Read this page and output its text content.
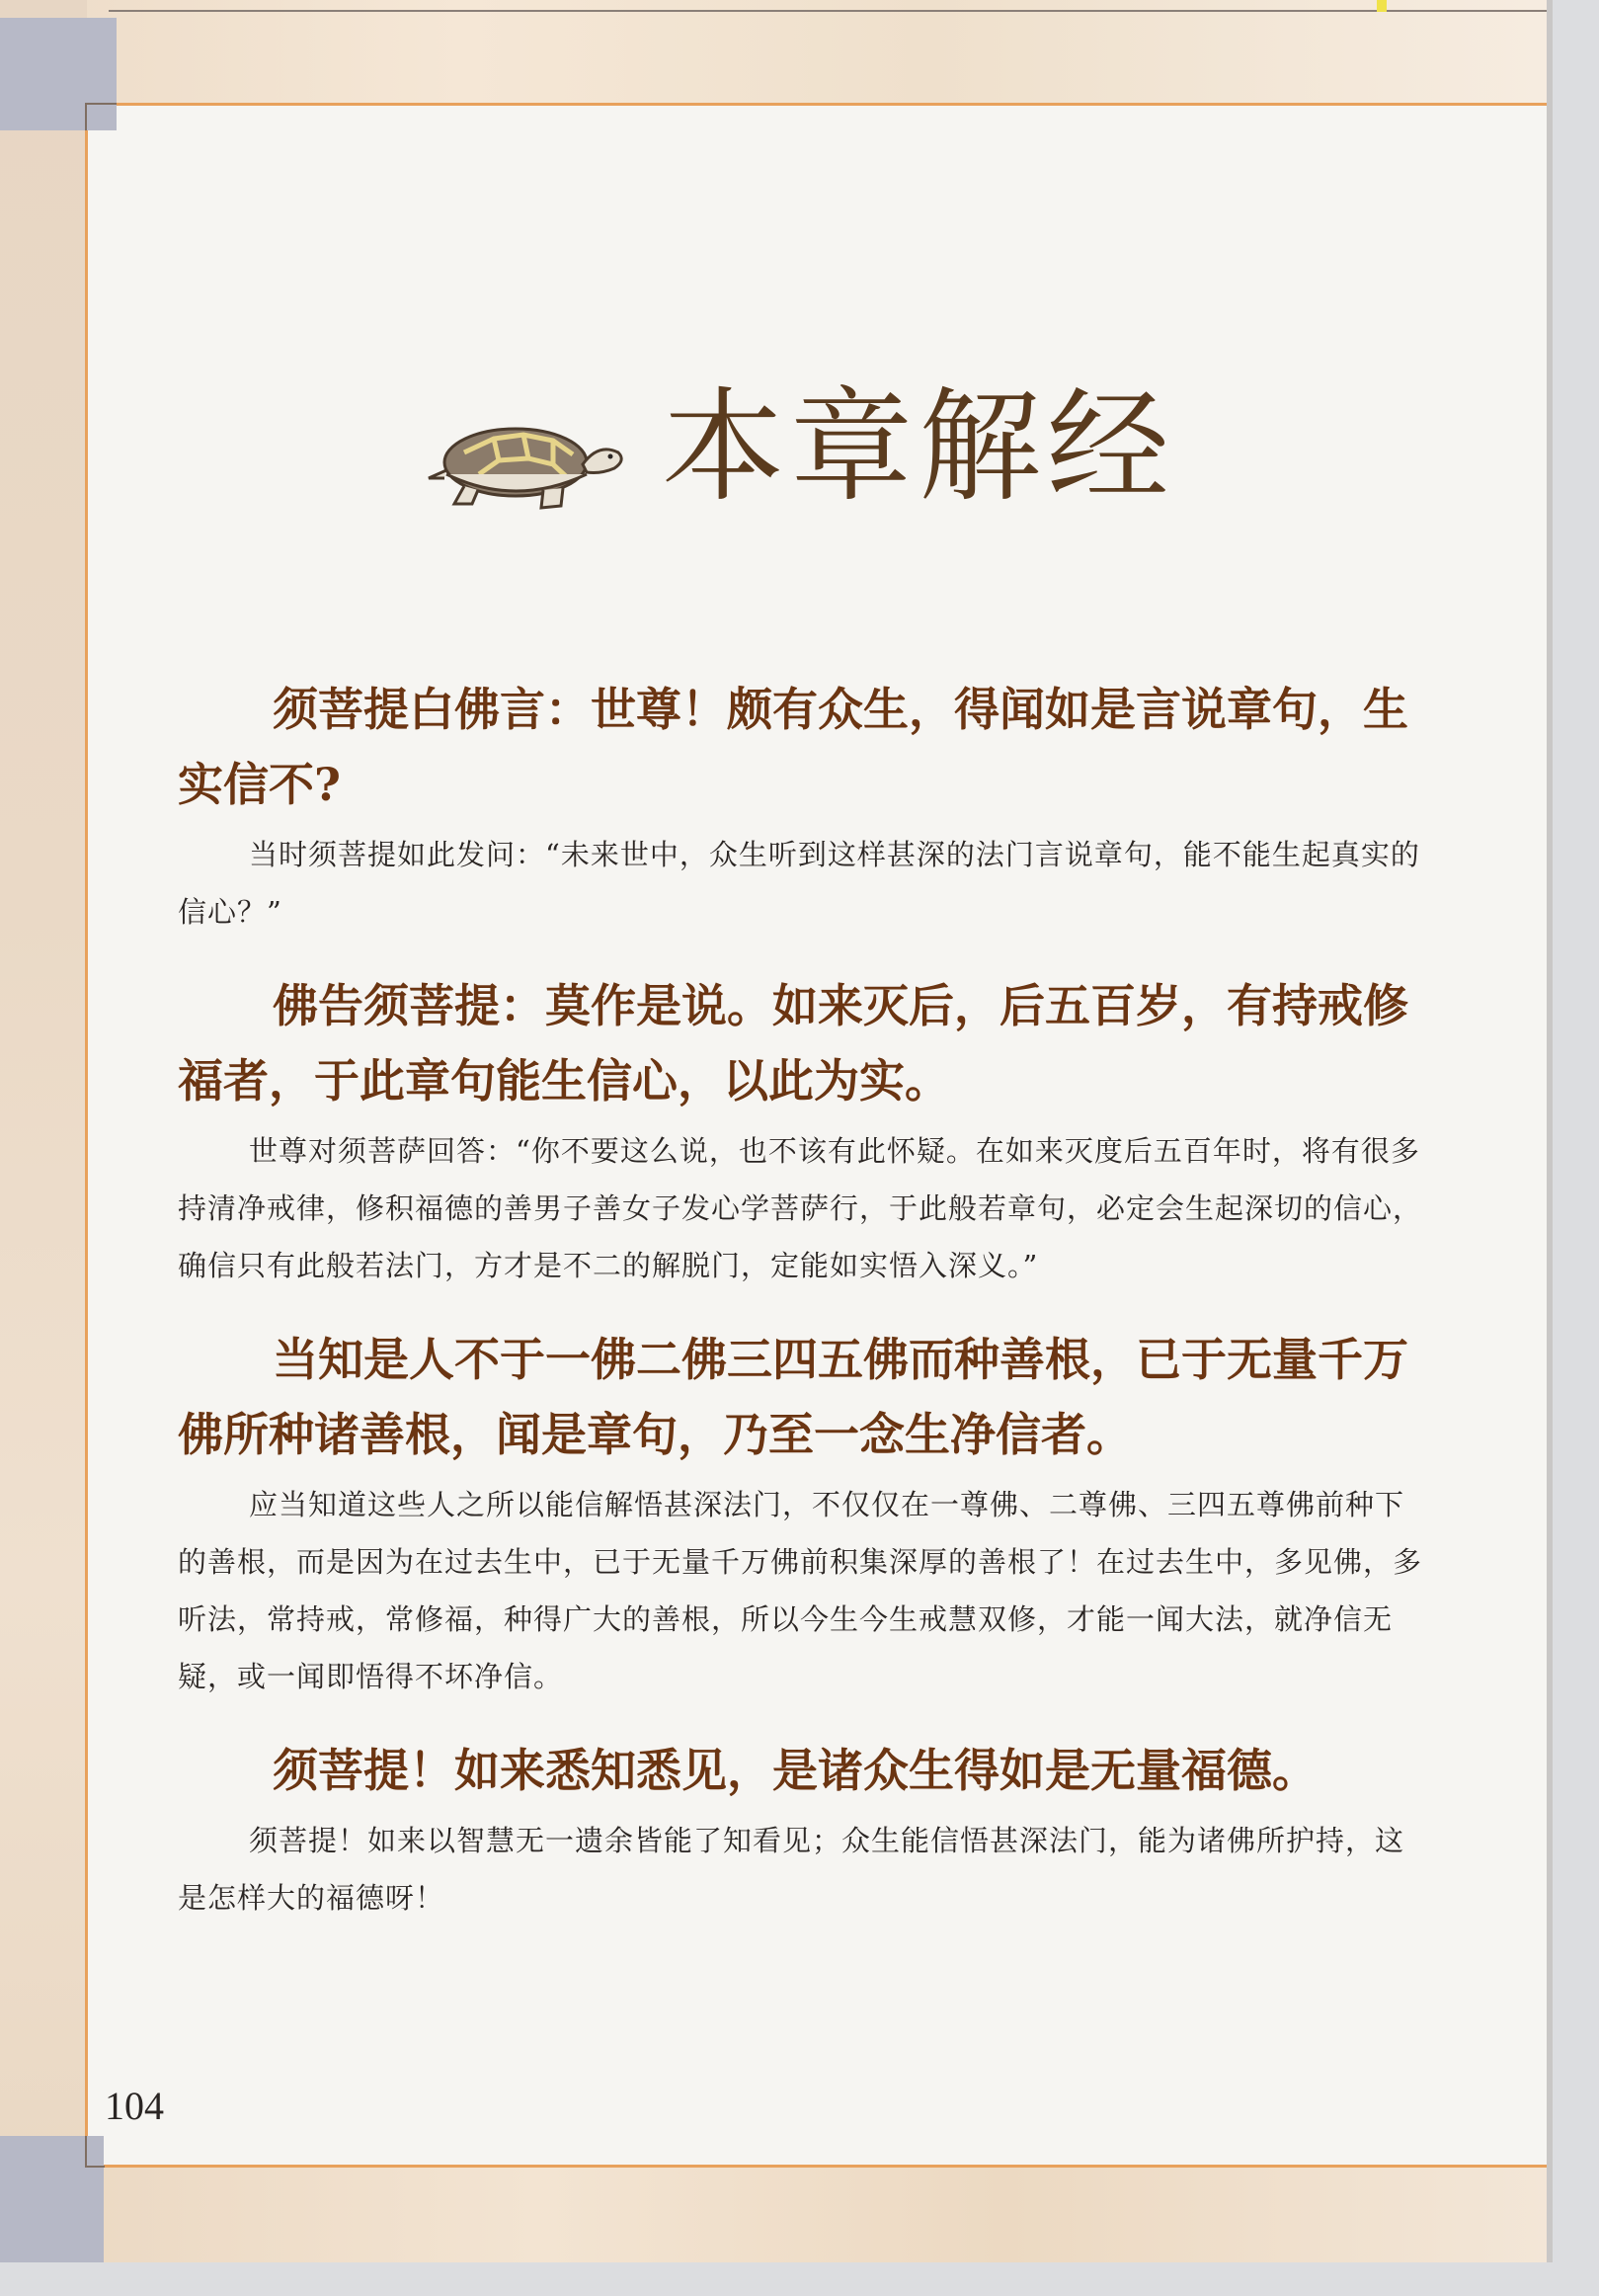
本章解经

须菩提白佛言：世尊！颇有众生，得闻如是言说章句，生实信不?

当时须菩提如此发问：“未来世中，众生听到这样甚深的法门言说章句，能不能生起真实的信心？”

佛告须菩提：莫作是说。如来灭后，后五百岁，有持戒修福者，于此章句能生信心，以此为实。

世尊对须菩萨回答：“你不要这么说，也不该有此怀疑。在如来灭度后五百年时，将有很多持清净戒律，修积福德的善男子善女子发心学菩萨行，于此般若章句，必定会生起深切的信心，确信只有此般若法门，方才是不二的解脱门，定能如实悟入深义。”

当知是人不于一佛二佛三四五佛而种善根，已于无量千万佛所种诸善根，闻是章句，乃至一念生净信者。

应当知道这些人之所以能信解悟甚深法门，不仅仅在一尊佛、二尊佛、三四五尊佛前种下的善根，而是因为在过去生中，已于无量千万佛前积集深厚的善根了！在过去生中，多见佛，多听法，常持戒，常修福，种得广大的善根，所以今生今生戒慧双修，才能一闻大法，就净信无疑，或一闻即悟得不坏净信。

须菩提！如来悉知悉见，是诸众生得如是无量福德。

须菩提！如来以智慧无一遗余皆能了知看见；众生能信悟甚深法门，能为诸佛所护持，这是怎样大的福德呀！

104
